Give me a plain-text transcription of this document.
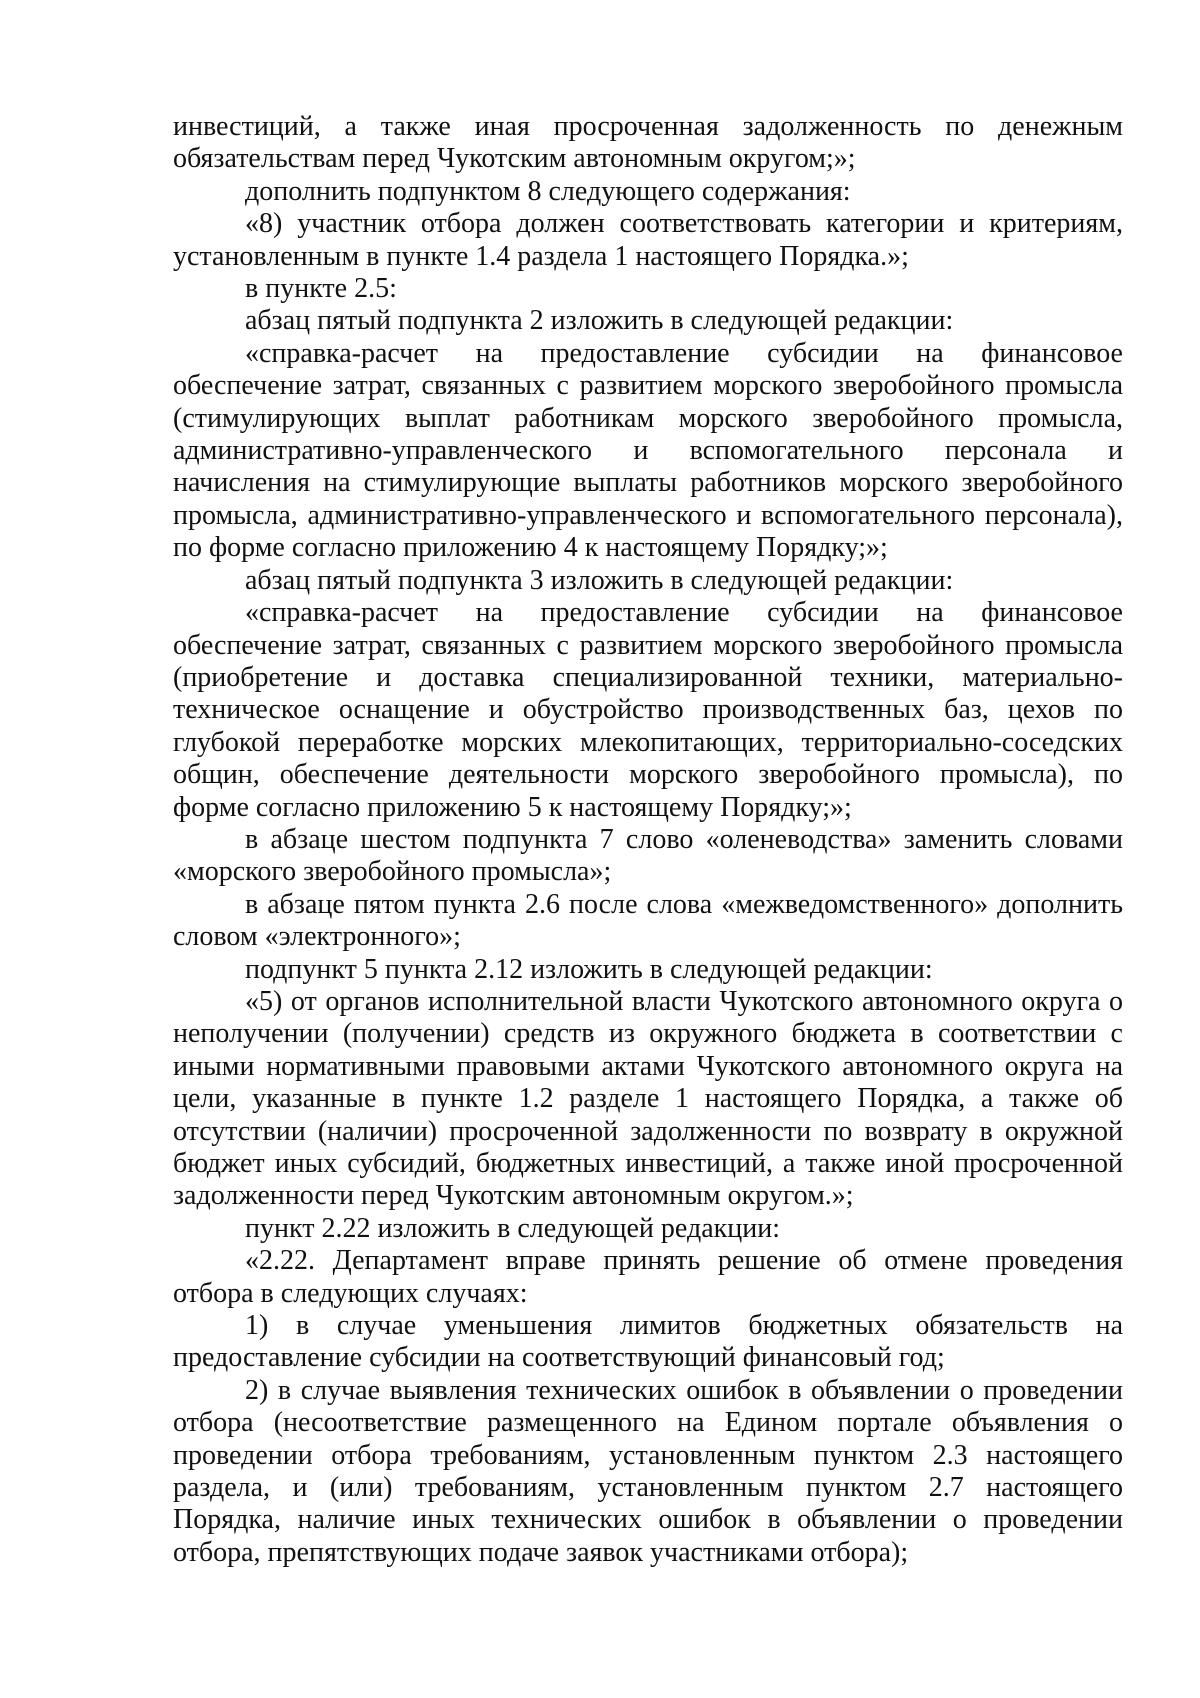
инвестиций, а также иная просроченная задолженность по денежным обязательствам перед Чукотским автономным округом;»;

дополнить подпунктом 8 следующего содержания:

«8) участник отбора должен соответствовать категории и критериям, установленным в пункте 1.4 раздела 1 настоящего Порядка.»;

в пункте 2.5:

абзац пятый подпункта 2 изложить в следующей редакции:

«справка-расчет на предоставление субсидии на финансовое обеспечение затрат, связанных с развитием морского зверобойного промысла (стимулирующих выплат работникам морского зверобойного промысла, административно-управленческого и вспомогательного персонала и начисления на стимулирующие выплаты работников морского зверобойного промысла, административно-управленческого и вспомогательного персонала), по форме согласно приложению 4 к настоящему Порядку;»;

абзац пятый подпункта 3 изложить в следующей редакции:

«справка-расчет на предоставление субсидии на финансовое обеспечение затрат, связанных с развитием морского зверобойного промысла (приобретение и доставка специализированной техники, материально-техническое оснащение и обустройство производственных баз, цехов по глубокой переработке морских млекопитающих, территориально-соседских общин, обеспечение деятельности морского зверобойного промысла), по форме согласно приложению 5 к настоящему Порядку;»;

в абзаце шестом подпункта 7 слово «оленеводства» заменить словами «морского зверобойного промысла»;

в абзаце пятом пункта 2.6 после слова «межведомственного» дополнить словом «электронного»;

подпункт 5 пункта 2.12 изложить в следующей редакции:

«5) от органов исполнительной власти Чукотского автономного округа о неполучении (получении) средств из окружного бюджета в соответствии с иными нормативными правовыми актами Чукотского автономного округа на цели, указанные в пункте 1.2 разделе 1 настоящего Порядка, а также об отсутствии (наличии) просроченной задолженности по возврату в окружной бюджет иных субсидий, бюджетных инвестиций, а также иной просроченной задолженности перед Чукотским автономным округом.»;

пункт 2.22 изложить в следующей редакции:

«2.22. Департамент вправе принять решение об отмене проведения отбора в следующих случаях:

1) в случае уменьшения лимитов бюджетных обязательств на предоставление субсидии на соответствующий финансовый год;

2) в случае выявления технических ошибок в объявлении о проведении отбора (несоответствие размещенного на Едином портале объявления о проведении отбора требованиям, установленным пунктом 2.3 настоящего раздела, и (или) требованиям, установленным пунктом 2.7 настоящего Порядка, наличие иных технических ошибок в объявлении о проведении отбора, препятствующих подаче заявок участниками отбора);
